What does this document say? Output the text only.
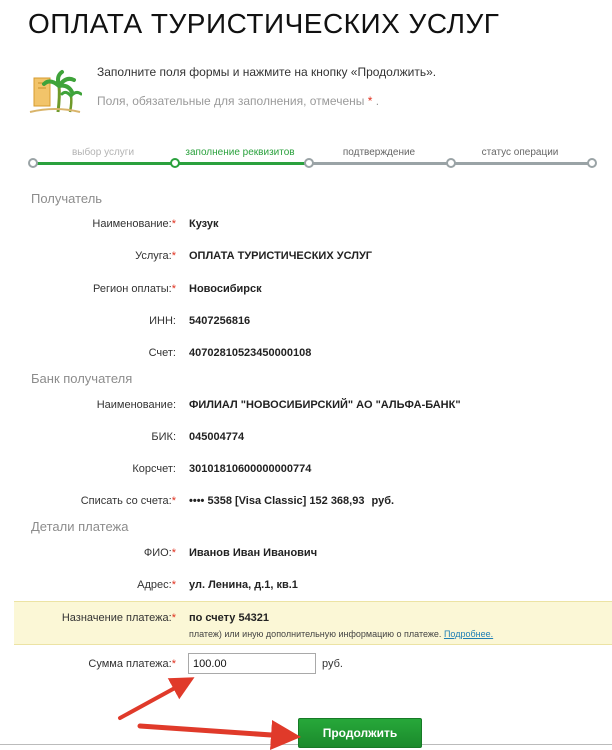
ОПЛАТА ТУРИСТИЧЕСКИХ УСЛУГ
Заполните поля формы и нажмите на кнопку «Продолжить».
Поля, обязательные для заполнения, отмечены * .
выбор услуги	заполнение реквизитов	подтверждение	статус операции
Получатель
Наименование:* Кузук
Услуга:* ОПЛАТА ТУРИСТИЧЕСКИХ УСЛУГ
Регион оплаты:* Новосибирск
ИНН: 5407256816
Счет: 40702810523450000108
Банк получателя
Наименование: ФИЛИАЛ "НОВОСИБИРСКИЙ" АО "АЛЬФА-БАНК"
БИК: 045004774
Корсчет: 30101810600000000774
Списать со счета:* •••• 5358 [Visa Classic] 152 368,93 руб.
Детали платежа
ФИО:* Иванов Иван Иванович
Адрес:* ул. Ленина, д.1, кв.1
Назначение платежа:* по счету 54321
платеж) или иную дополнительную информацию о платеже. Подробнее.
Сумма платежа:*
100.00	руб.
Продолжить
